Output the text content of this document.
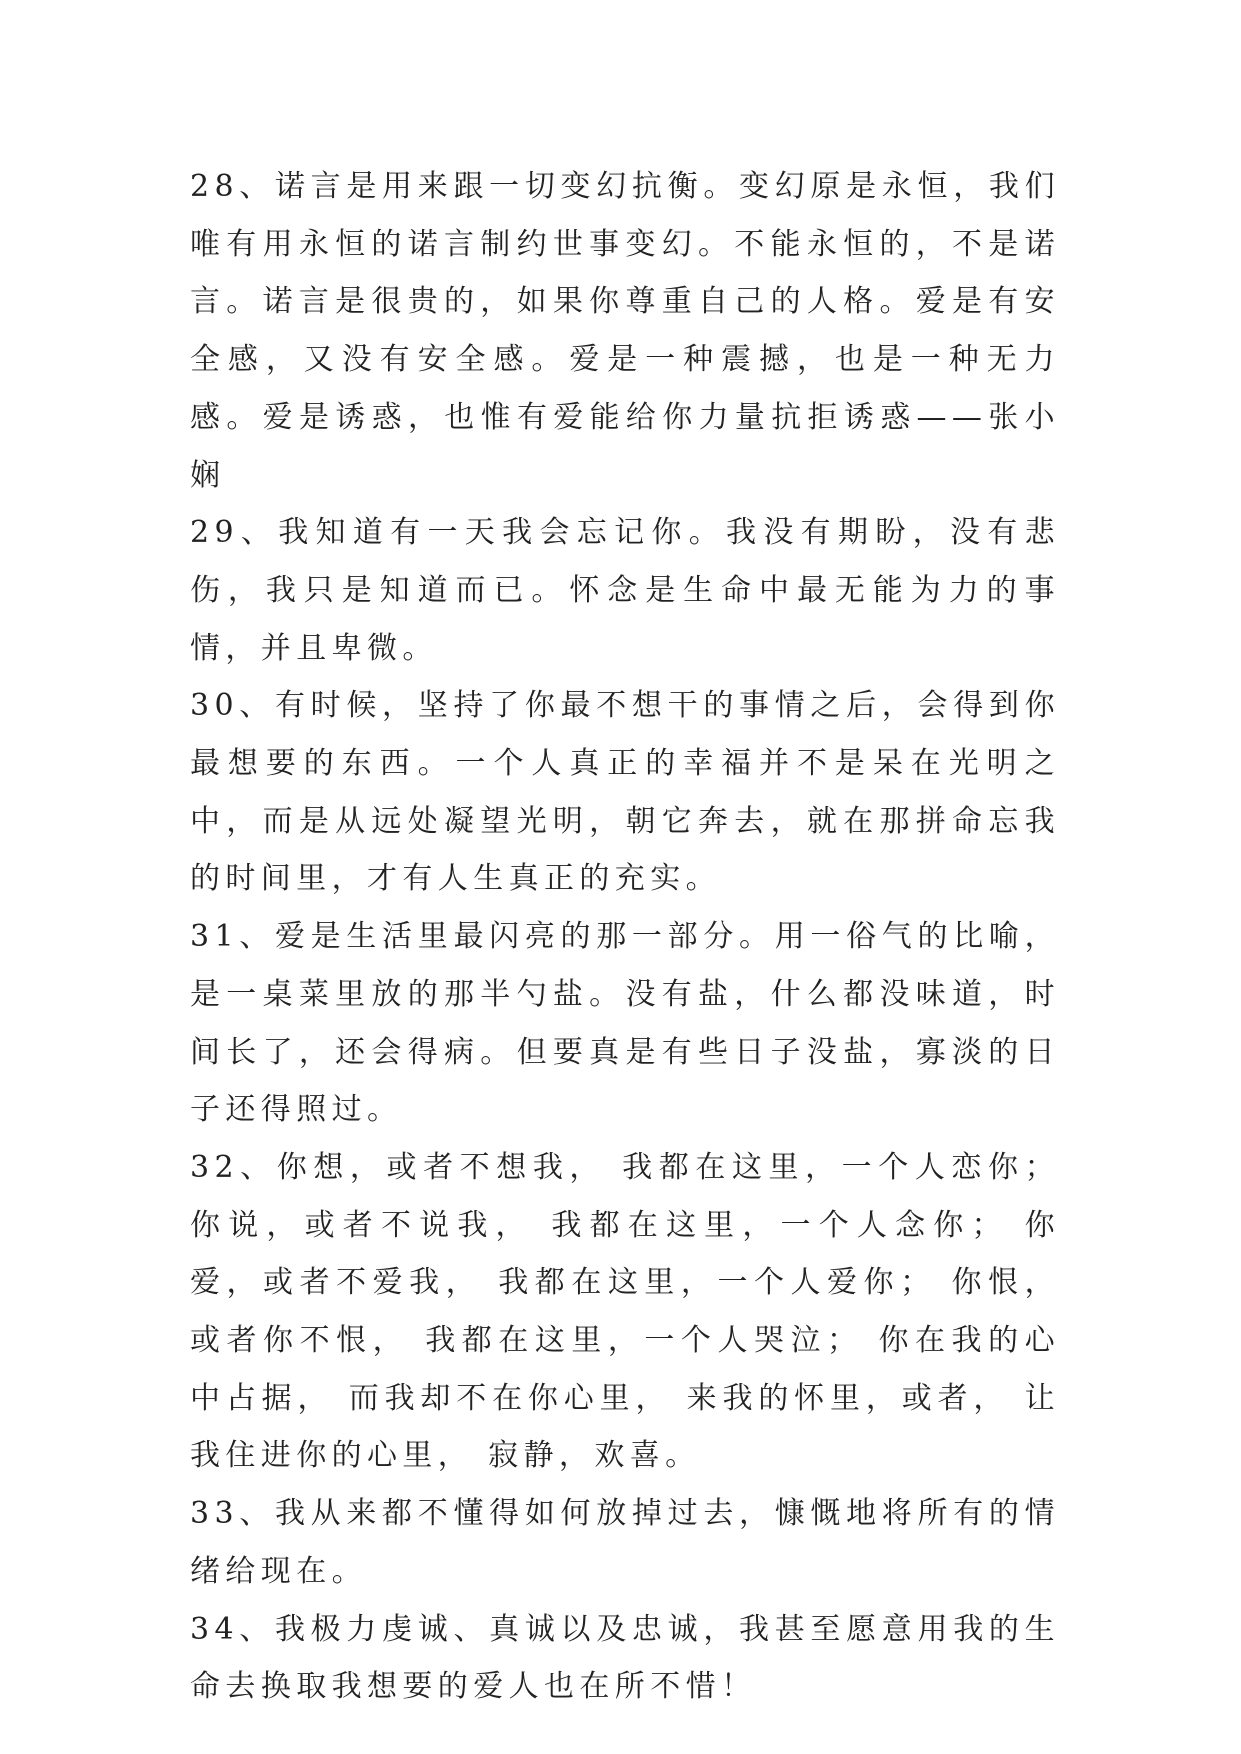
28、诺言是用来跟一切变幻抗衡。变幻原是永恒，我们唯有用永恒的诺言制约世事变幻。不能永恒的，不是诺言。诺言是很贵的，如果你尊重自己的人格。爱是有安全感，又没有安全感。爱是一种震撼，也是一种无力感。爱是诱惑，也惟有爱能给你力量抗拒诱惑——张小娴

29、我知道有一天我会忘记你。我没有期盼，没有悲伤，我只是知道而已。怀念是生命中最无能为力的事情，并且卑微。

30、有时候，坚持了你最不想干的事情之后，会得到你最想要的东西。一个人真正的幸福并不是呆在光明之中，而是从远处凝望光明，朝它奔去，就在那拼命忘我的时间里，才有人生真正的充实。

31、爱是生活里最闪亮的那一部分。用一俗气的比喻，是一桌菜里放的那半勺盐。没有盐，什么都没味道，时间长了，还会得病。但要真是有些日子没盐，寡淡的日子还得照过。

32、你想，或者不想我， 我都在这里，一个人恋你； 你说，或者不说我， 我都在这里，一个人念你； 你爱，或者不爱我， 我都在这里，一个人爱你； 你恨，或者你不恨， 我都在这里，一个人哭泣； 你在我的心中占据， 而我却不在你心里， 来我的怀里，或者， 让我住进你的心里， 寂静，欢喜。

33、我从来都不懂得如何放掉过去，慷慨地将所有的情绪给现在。

34、我极力虔诚、真诚以及忠诚，我甚至愿意用我的生命去换取我想要的爱人也在所不惜！
